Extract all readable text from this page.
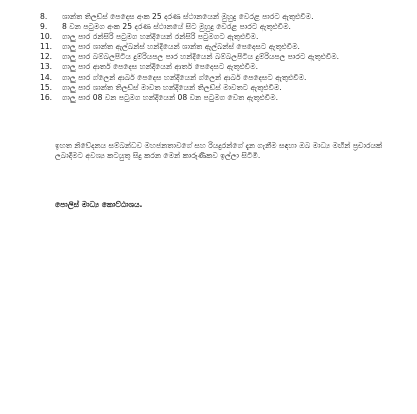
8.	ශාන්ත තිලඩ්ස් පෙදෙස අංක 25 දරණ ස්ථානයෙන් මුහුදු වෙරළ පාරට ඇතුළුවීම.
9.	8 වන පටුමග අංක 25 දරණ ස්ථානයේ සිට මුහුදු වෙරළ පාරට ඇතුළුවීම.
10.	ගාලු පාර රන්සිරි පටුමග හන්දියෙන් රන්සිරි පටුමගට ඇතුළුවීම.
11.	ගාලු පාර ශාන්ත ඇල්බන්ස් හන්දියෙන් ශාන්ත ඇල්බන්ස් පෙදෙසට ඇතුළුවීම.
12.	ගාලු පාර බම්බලපිටිය දුම්රියපල පාර හන්දියෙන් බම්බලපිටිය දුම්රියපල පාරට ඇතුළුවීම.
13.	ගාලු පාර ආතර් පෙදෙස හන්දියෙන් ආතර් පෙදෙසට ඇතුළුවීම.
14.	ගාලු පාර ග්ලෙන් ආබර් පෙදෙස හන්දියෙන් ග්ලෙන් ආබර් පෙදෙසට ඇතුළුවීම.
15.	ගාලු පාර ශාන්ත තිලඩ්ස් මාවත හන්දියෙන් තිලඩ්ස් මාවතට ඇතුළුවීම.
16.	ගාලු පාර 08 වන පටුමග හන්දියෙන් 08 වන පටුමග වෙත ඇතුළුවීම.

ඉහත නිවේදනය සම්බන්ධව මහජනතාවගේ සහ රියදුරන්ගේ දැන ගැනීම සඳහා ඔබ මාධ්‍ය මඟින් ප්‍රචාරයක් ලබාදීමට අවශ්‍ය කටයුතු සිදු කරන මෙන් කාරුණිකව ඉල්ලා සිටිමි.

පොලිස් මාධ්‍ය කොට්ඨාශය.
